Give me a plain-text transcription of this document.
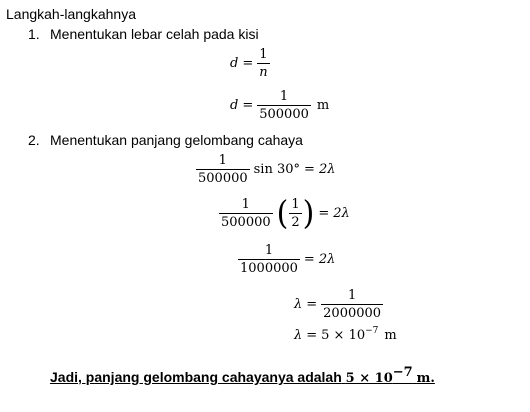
Langkah-langkahnya
1. Menentukan lebar celah pada kisi
$d = \frac{1}{n}$
$d = \frac{1}{500000}$ m
2. Menentukan panjang gelombang cahaya
$\frac{1}{500000}$ sin 30° = 2λ
$\frac{1}{500000}$ ( $\frac{1}{2}$ ) = 2λ
$\frac{1}{1000000} = 2\lambda$
$\lambda = \frac{1}{2000000}$
$\lambda = 5 \times 10^{-7}$ m
Jadi, panjang gelombang cahayanya adalah 5 × 10−7 m.
